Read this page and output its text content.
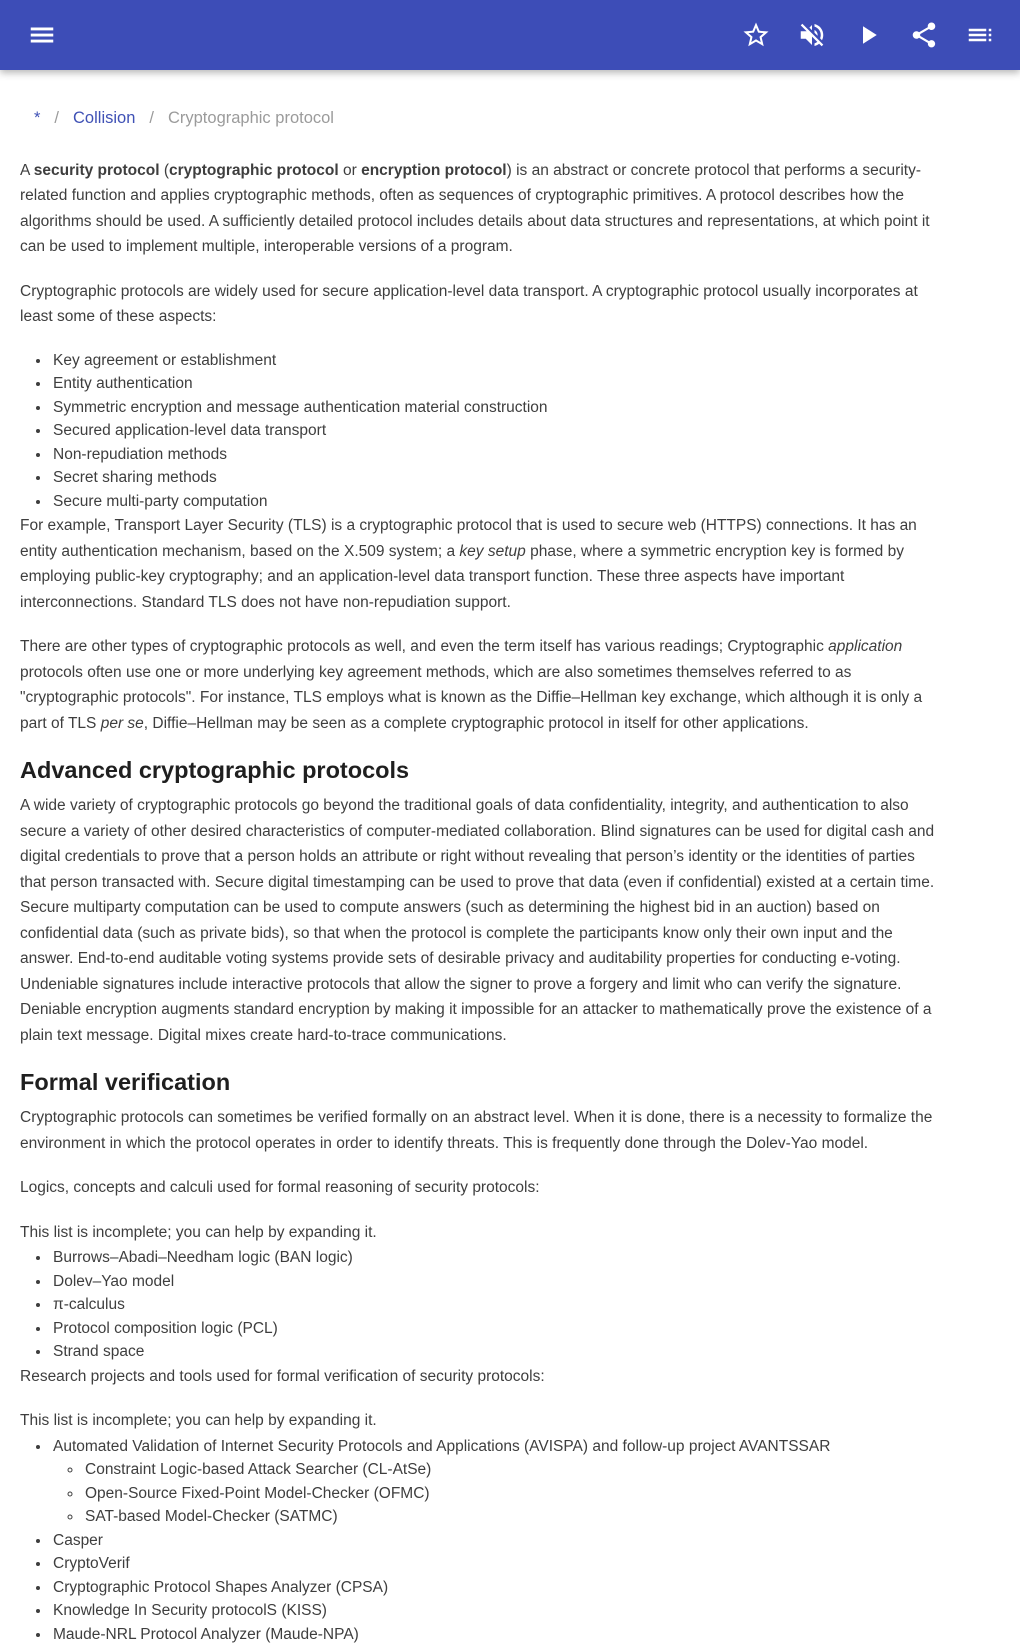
* / Collision / Cryptographic protocol

A security protocol (cryptographic protocol or encryption protocol) is an abstract or concrete protocol that performs a security-related function and applies cryptographic methods, often as sequences of cryptographic primitives. A protocol describes how the algorithms should be used. A sufficiently detailed protocol includes details about data structures and representations, at which point it can be used to implement multiple, interoperable versions of a program.

Cryptographic protocols are widely used for secure application-level data transport. A cryptographic protocol usually incorporates at least some of these aspects:

• Key agreement or establishment
• Entity authentication
• Symmetric encryption and message authentication material construction
• Secured application-level data transport
• Non-repudiation methods
• Secret sharing methods
• Secure multi-party computation

For example, Transport Layer Security (TLS) is a cryptographic protocol that is used to secure web (HTTPS) connections. It has an entity authentication mechanism, based on the X.509 system; a key setup phase, where a symmetric encryption key is formed by employing public-key cryptography; and an application-level data transport function. These three aspects have important interconnections. Standard TLS does not have non-repudiation support.

There are other types of cryptographic protocols as well, and even the term itself has various readings; Cryptographic application protocols often use one or more underlying key agreement methods, which are also sometimes themselves referred to as "cryptographic protocols". For instance, TLS employs what is known as the Diffie–Hellman key exchange, which although it is only a part of TLS per se, Diffie–Hellman may be seen as a complete cryptographic protocol in itself for other applications.

Advanced cryptographic protocols

A wide variety of cryptographic protocols go beyond the traditional goals of data confidentiality, integrity, and authentication to also secure a variety of other desired characteristics of computer-mediated collaboration. Blind signatures can be used for digital cash and digital credentials to prove that a person holds an attribute or right without revealing that person’s identity or the identities of parties that person transacted with. Secure digital timestamping can be used to prove that data (even if confidential) existed at a certain time. Secure multiparty computation can be used to compute answers (such as determining the highest bid in an auction) based on confidential data (such as private bids), so that when the protocol is complete the participants know only their own input and the answer. End-to-end auditable voting systems provide sets of desirable privacy and auditability properties for conducting e-voting. Undeniable signatures include interactive protocols that allow the signer to prove a forgery and limit who can verify the signature. Deniable encryption augments standard encryption by making it impossible for an attacker to mathematically prove the existence of a plain text message. Digital mixes create hard-to-trace communications.

Formal verification

Cryptographic protocols can sometimes be verified formally on an abstract level. When it is done, there is a necessity to formalize the environment in which the protocol operates in order to identify threats. This is frequently done through the Dolev-Yao model.

Logics, concepts and calculi used for formal reasoning of security protocols:

This list is incomplete; you can help by expanding it.

• Burrows–Abadi–Needham logic (BAN logic)
• Dolev–Yao model
• π-calculus
• Protocol composition logic (PCL)
• Strand space

Research projects and tools used for formal verification of security protocols:

This list is incomplete; you can help by expanding it.

• Automated Validation of Internet Security Protocols and Applications (AVISPA) and follow-up project AVANTSSAR
◦ Constraint Logic-based Attack Searcher (CL-AtSe)
◦ Open-Source Fixed-Point Model-Checker (OFMC)
◦ SAT-based Model-Checker (SATMC)
• Casper
• CryptoVerif
• Cryptographic Protocol Shapes Analyzer (CPSA)
• Knowledge In Security protocolS (KISS)
• Maude-NRL Protocol Analyzer (Maude-NPA)
